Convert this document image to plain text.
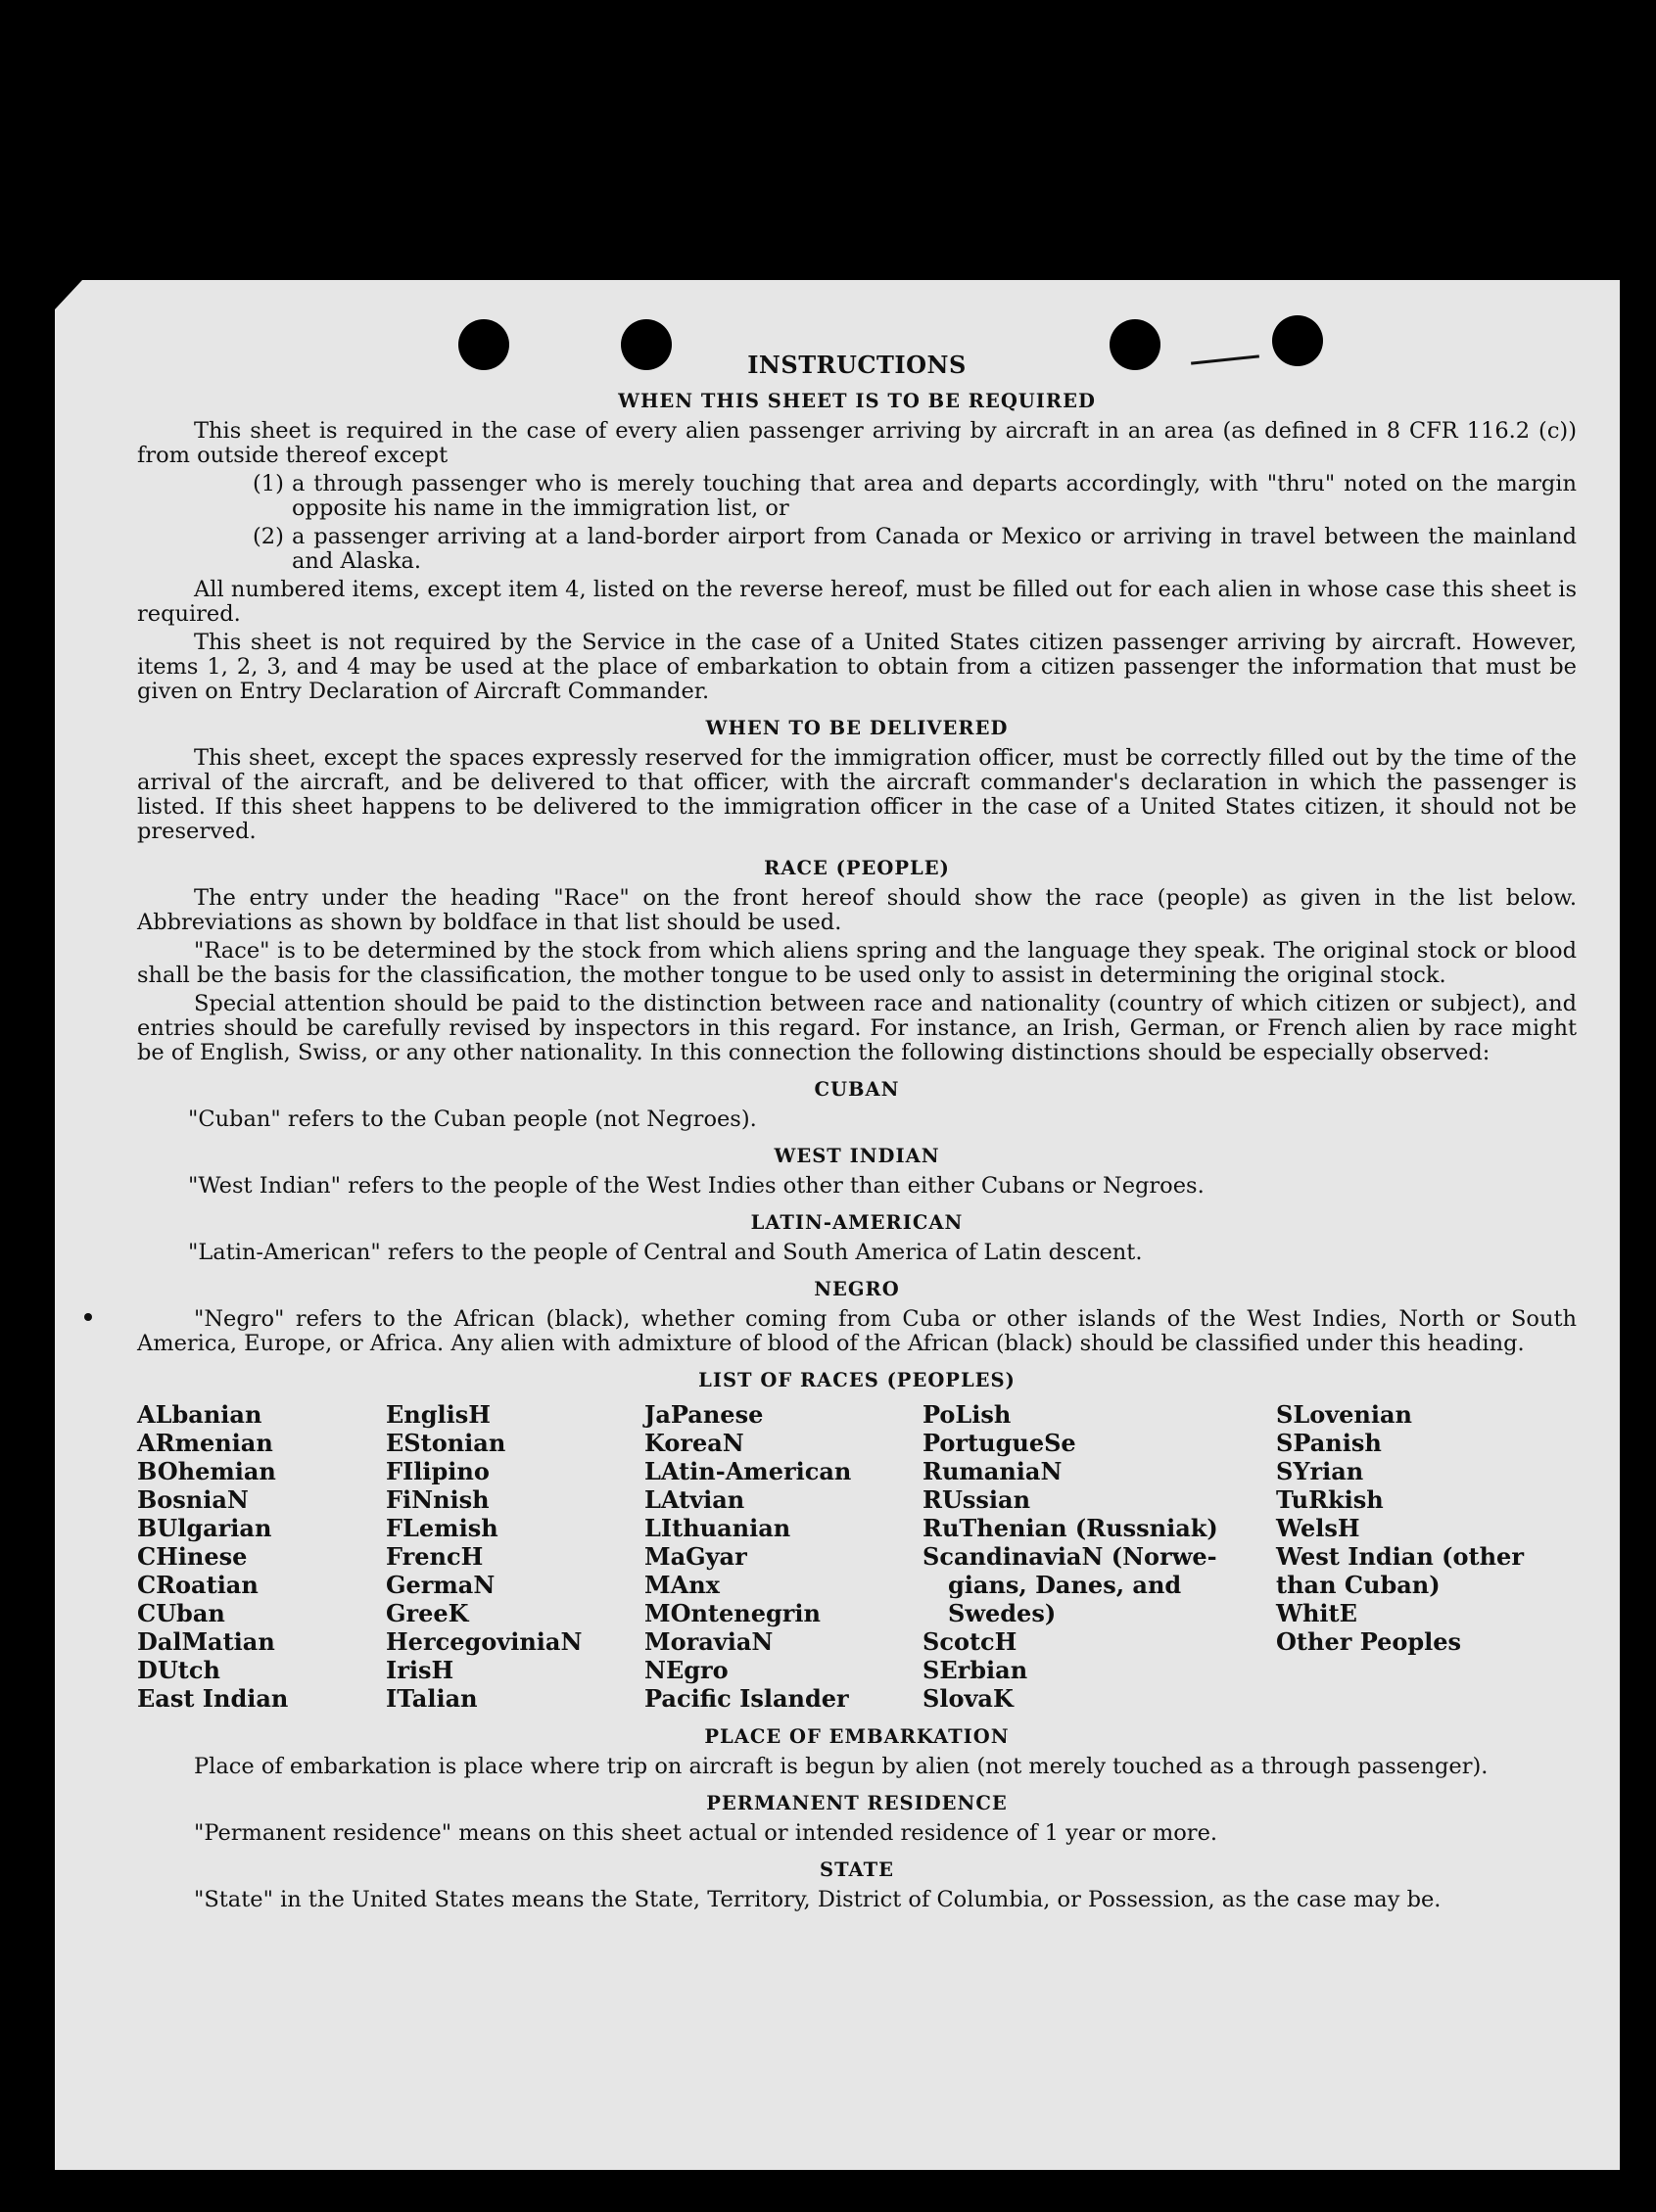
INSTRUCTIONS
WHEN THIS SHEET IS TO BE REQUIRED

This sheet is required in the case of every alien passenger arriving by aircraft in an area (as defined in 8 CFR 116.2 (c)) from outside thereof except

(1) a through passenger who is merely touching that area and departs accordingly, with "thru" noted on the margin opposite his name in the immigration list, or
(2) a passenger arriving at a land-border airport from Canada or Mexico or arriving in travel between the mainland and Alaska.

All numbered items, except item 4, listed on the reverse hereof, must be filled out for each alien in whose case this sheet is required.

This sheet is not required by the Service in the case of a United States citizen passenger arriving by aircraft. However, items 1, 2, 3, and 4 may be used at the place of embarkation to obtain from a citizen passenger the information that must be given on Entry Declaration of Aircraft Commander.

WHEN TO BE DELIVERED

This sheet, except the spaces expressly reserved for the immigration officer, must be correctly filled out by the time of the arrival of the aircraft, and be delivered to that officer, with the aircraft commander's declaration in which the passenger is listed. If this sheet happens to be delivered to the immigration officer in the case of a United States citizen, it should not be preserved.

RACE (PEOPLE)

The entry under the heading "Race" on the front hereof should show the race (people) as given in the list below. Abbreviations as shown by boldface in that list should be used.

"Race" is to be determined by the stock from which aliens spring and the language they speak. The original stock or blood shall be the basis for the classification, the mother tongue to be used only to assist in determining the original stock.

Special attention should be paid to the distinction between race and nationality (country of which citizen or subject), and entries should be carefully revised by inspectors in this regard. For instance, an Irish, German, or French alien by race might be of English, Swiss, or any other nationality. In this connection the following distinctions should be especially observed:

CUBAN

"Cuban" refers to the Cuban people (not Negroes).

WEST INDIAN

"West Indian" refers to the people of the West Indies other than either Cubans or Negroes.

LATIN-AMERICAN

"Latin-American" refers to the people of Central and South America of Latin descent.

NEGRO

"Negro" refers to the African (black), whether coming from Cuba or other islands of the West Indies, North or South America, Europe, or Africa. Any alien with admixture of blood of the African (black) should be classified under this heading.

LIST OF RACES (PEOPLES)
ALbanian
ARmenian
BOhemian
BosniaN
BUlgarian
CHinese
CRoatian
CUban
DalMatian
DUtch
East Indian
EnglisH
EStonian
FIlipino
FiNnish
FLemish
FrencH
GermaN
GreeK
HercegoviniaN
IrisH
ITalian
JaPanese
KoreaN
LAtin-American
LAtvian
LIthuanian
MaGyar
MAnx
MOntenegrin
MoraviaN
NEgro
Pacific Islander
PoLish
PortugueSe
RumaniaN
RUssian
RuThenian (Russniak)
ScandinaviaN (Norwe-
gians, Danes, and
Swedes)
ScotcH
SErbian
SlovaK
SLovenian
SPanish
SYrian
TuRkish
WelsH
West Indian (other
than Cuban)
WhitE
Other Peoples
PLACE OF EMBARKATION

Place of embarkation is place where trip on aircraft is begun by alien (not merely touched as a through passenger).

PERMANENT RESIDENCE

"Permanent residence" means on this sheet actual or intended residence of 1 year or more.

STATE

"State" in the United States means the State, Territory, District of Columbia, or Possession, as the case may be.
